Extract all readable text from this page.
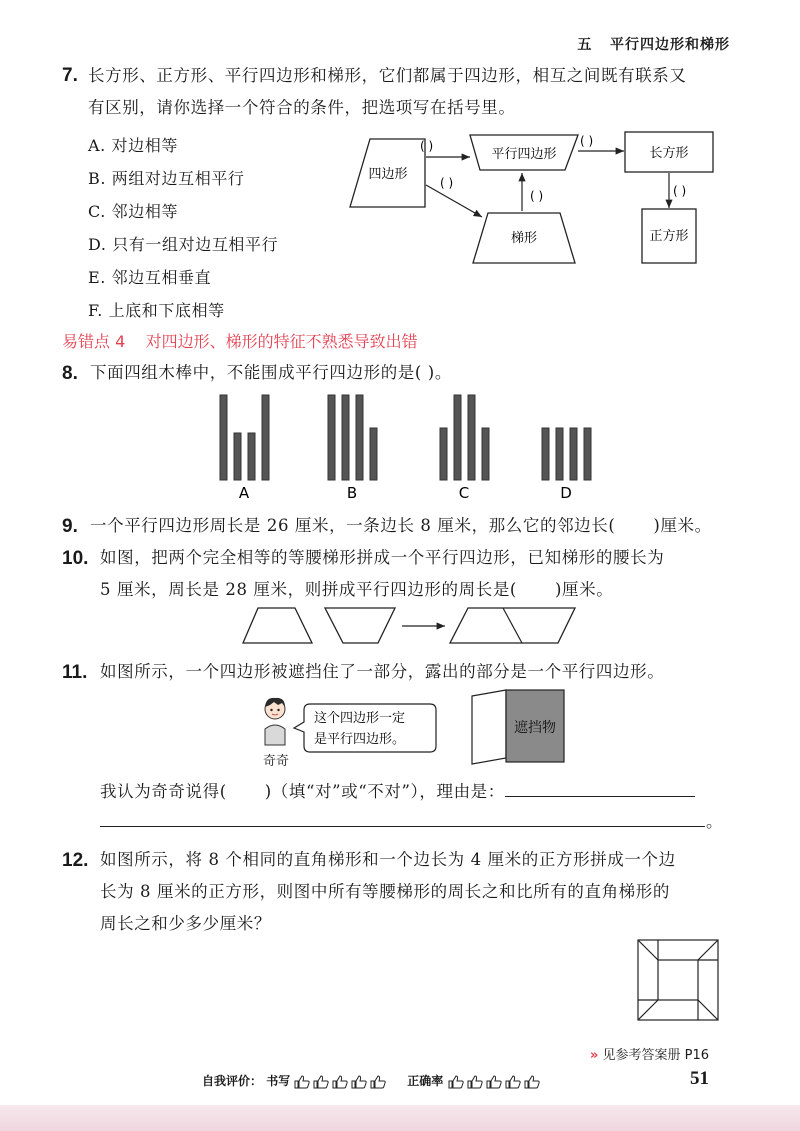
五 平行四边形和梯形
7. 长方形、正方形、平行四边形和梯形，它们都属于四边形，相互之间既有联系又
有区别，请你选择一个符合的条件，把选项写在括号里。
A. 对边相等
B. 两组对边互相平行
C. 邻边相等
D. 只有一组对边互相平行
E. 邻边互相垂直
F. 上底和下底相等
四边形
平行四边形	长方形
梯形	正方形
( )
( )
( )
( )
( )
易错点 4 对四边形、梯形的特征不熟悉导致出错
8. 下面四组木棒中，不能围成平行四边形的是( )。
A	B	C	D
9. 一个平行四边形周长是 26 厘米，一条边长 8 厘米，那么它的邻边长( )厘米。
10. 如图，把两个完全相等的等腰梯形拼成一个平行四边形，已知梯形的腰长为
5 厘米，周长是 28 厘米，则拼成平行四边形的周长是( )厘米。
11. 如图所示，一个四边形被遮挡住了一部分，露出的部分是一个平行四边形。
奇奇
这个四边形一定
是平行四边形。
遮挡物
我认为奇奇说得( )（填“对”或“不对”），理由是：
。
12. 如图所示，将 8 个相同的直角梯形和一个边长为 4 厘米的正方形拼成一个边
长为 8 厘米的正方形，则图中所有等腰梯形的周长之和比所有的直角梯形的
周长之和少多少厘米？
» 见参考答案册 P16
自我评价： 书写	正确率	51
